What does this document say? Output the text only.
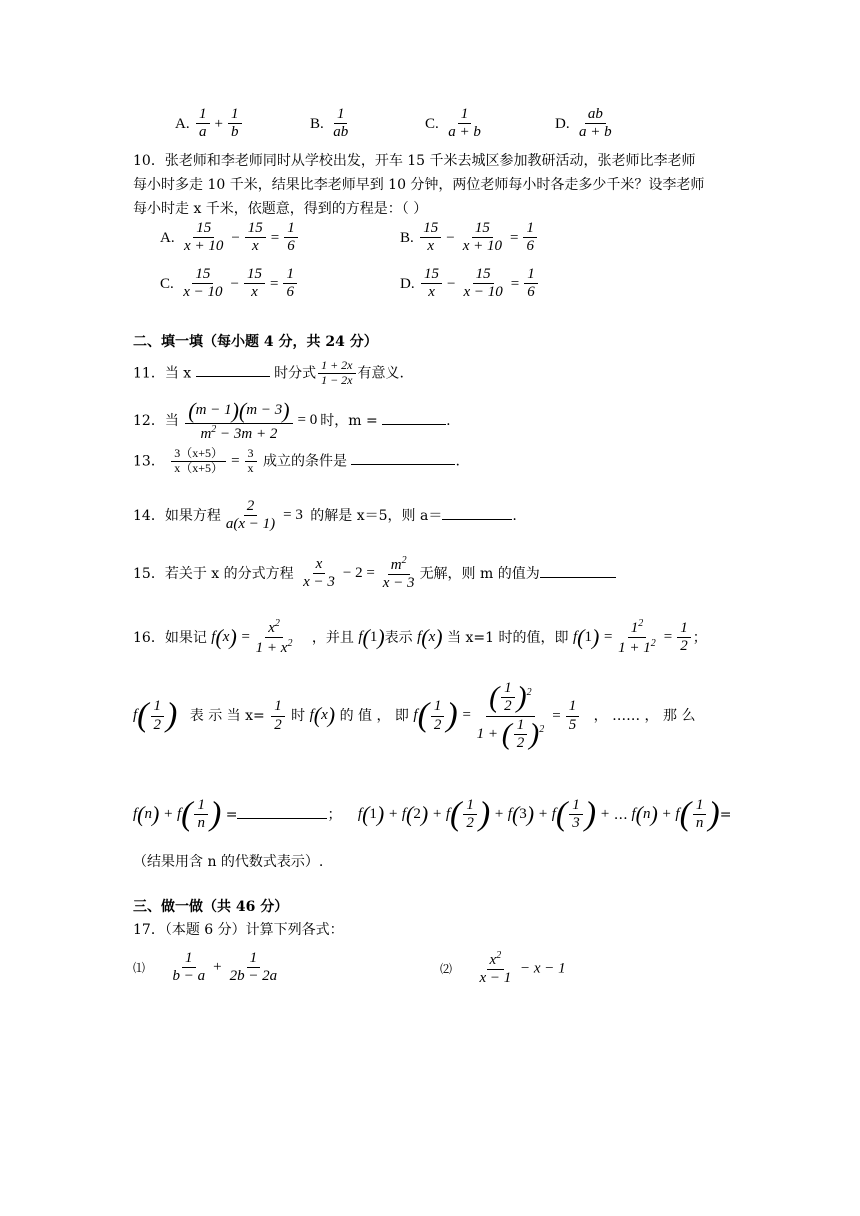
A. $\frac{1}{a} + \frac{1}{b}$	B. $\frac{1}{ab}$	C. $\frac{1}{a + b}$	D. $\frac{ab}{a + b}$
10．张老师和李老师同时从学校出发，开车 15 千米去城区参加教研活动，张老师比李老师
每小时多走 10 千米，结果比李老师早到 10 分钟，两位老师每小时各走多少千米？设李老师
每小时走 x 千米，依题意，得到的方程是：（ ）
A. $\frac{15}{x + 10} - \frac{15}{x} = \frac{1}{6}$	B. $\frac{15}{x} - \frac{15}{x + 10} = \frac{1}{6}$
C. $\frac{15}{x - 10} - \frac{15}{x} = \frac{1}{6}$	D. $\frac{15}{x} - \frac{15}{x - 10} = \frac{1}{6}$
二、填一填（每小题 4 分，共 24 分）
11．当 x	时分式 $\frac{1 + 2x}{1 - 2x}$ 有意义.
12．当 $\frac{(m - 1)(m - 3)}{m^2 - 3m + 2} = 0$ 时，m =	.
13． $\frac{3(x+5)}{x(x+5)} = \frac{3}{x}$ 成立的条件是	.
14．如果方程 $\frac{2}{a(x - 1)} = 3$ 的解是 x＝5，则 a＝	.
15．若关于 x 的分式方程 $\frac{x}{x - 3} - 2 = \frac{m^2}{x - 3}$ 无解，则 m 的值为
16．如果记 $f(x) = \frac{x^2}{1 + x^2}$ ，并且 f(1)表示 f(x) 当 x=1 时的值，即 $f(1) = \frac{1^2}{1 + 1^2} = \frac{1}{2}$ ；
$f( \frac{1}{2}$ ) 表 示 当 $x= \frac{1}{2}$ 时 f(x) 的 值 ， 即 $f( \frac{1}{2}$ ) = $\frac{( \frac{1}{2} )^2}{1 + ( \frac{1}{2} )^2} = \frac{1}{5}$ ， …… ， 那 么
$f(n) + f( \frac{1}{n}$ ) =	； $f(1) + f(2) + f( \frac{1}{2}$ ) + $f(3) + f( \frac{1}{3}$ ) + … $f(n) + f( \frac{1}{n}$ )=
（结果用含 n 的代数式表示）.
三、做一做（共 46 分）
17．（本题 6 分）计算下列各式：
⑴ $\frac{1}{b - a} + \frac{1}{2b - 2a}$	⑵ $\frac{x^2}{x - 1} - x - 1$
